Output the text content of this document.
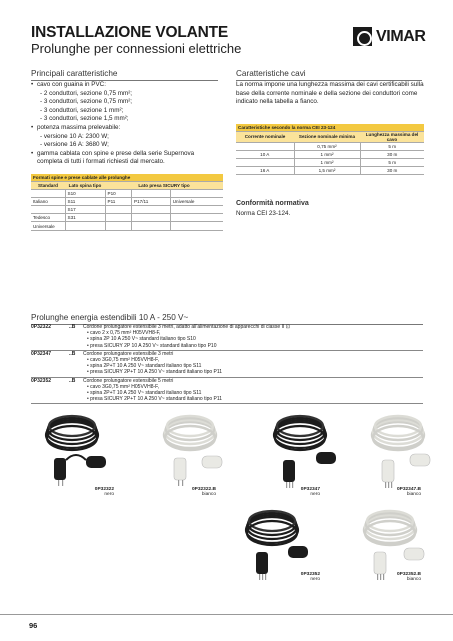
INSTALLAZIONE VOLANTE
Prolunghe per connessioni elettriche
VIMAR
Principali caratteristiche
• cavo con guaina in PVC:
- 2 conduttori, sezione 0,75 mm²;
- 3 conduttori, sezione 0,75 mm²;
- 3 conduttori, sezione 1 mm²;
- 3 conduttori, sezione 1,5 mm²;
• potenza massima prelevabile:
- versione 10 A: 2300 W;
- versione 16 A: 3680 W;
• gamma cablata con spine e prese della serie Supernova completa di tutti i formati richiesti dal mercato.
Formati spine e prese cablate alle prolunghe				
Standard	Lato spina tipo	Lato presa SICURY tipo		
	S10	P10		
Italiano	S11	P11	P17/11	Universale
	S17			
Tedesco	S31			
Universale				
Caratteristiche cavi
La norma impone una lunghezza massima dei cavi certificabili sulla base della corrente nominale e della sezione dei conduttori come indicato nella tabella a fianco.
Caratteristiche secondo la norma CEI 23-124		
Corrente nominale	Sezione nominale minima	Lunghezza massima del cavo
	0,75 mm²	5 m
10 A	1 mm²	30 m
	1 mm²	5 m
16 A	1,5 mm²	30 m
Conformità normativa
Norma CEI 23-124.
Prolunghe energia estendibili 10 A - 250 V~
0P32322	..B Cordone prolungatore estensibile 3 metri, adatto all'alimentazione di apparecchi di classe II ⊡
• cavo 2 x 0,75 mm² H05VVH8-F,
• spina 2P 10 A 250 V~ standard italiano tipo S10
• presa SICURY 2P 10 A 250 V~ standard italiano tipo P10
0P32347	..B Cordone prolungatore estensibile 3 metri
• cavo 3G0,75 mm² H05VVH8-F,
• spina 2P+T 10 A 250 V~ standard italiano tipo S11
• presa SICURY 2P+T 10 A 250 V~ standard italiano tipo P11
0P32352	..B Cordone prolungatore estensibile 5 metri
• cavo 3G0,75 mm² H05VVH8-F,
• spina 2P+T 10 A 250 V~ standard italiano tipo S11
• presa SICURY 2P+T 10 A 250 V~ standard italiano tipo P11
0P32322
nero
0P32322.B
bianco
0P32347
nero
0P32347.B
bianco
0P32352
nero
0P32352.B
bianco
96
